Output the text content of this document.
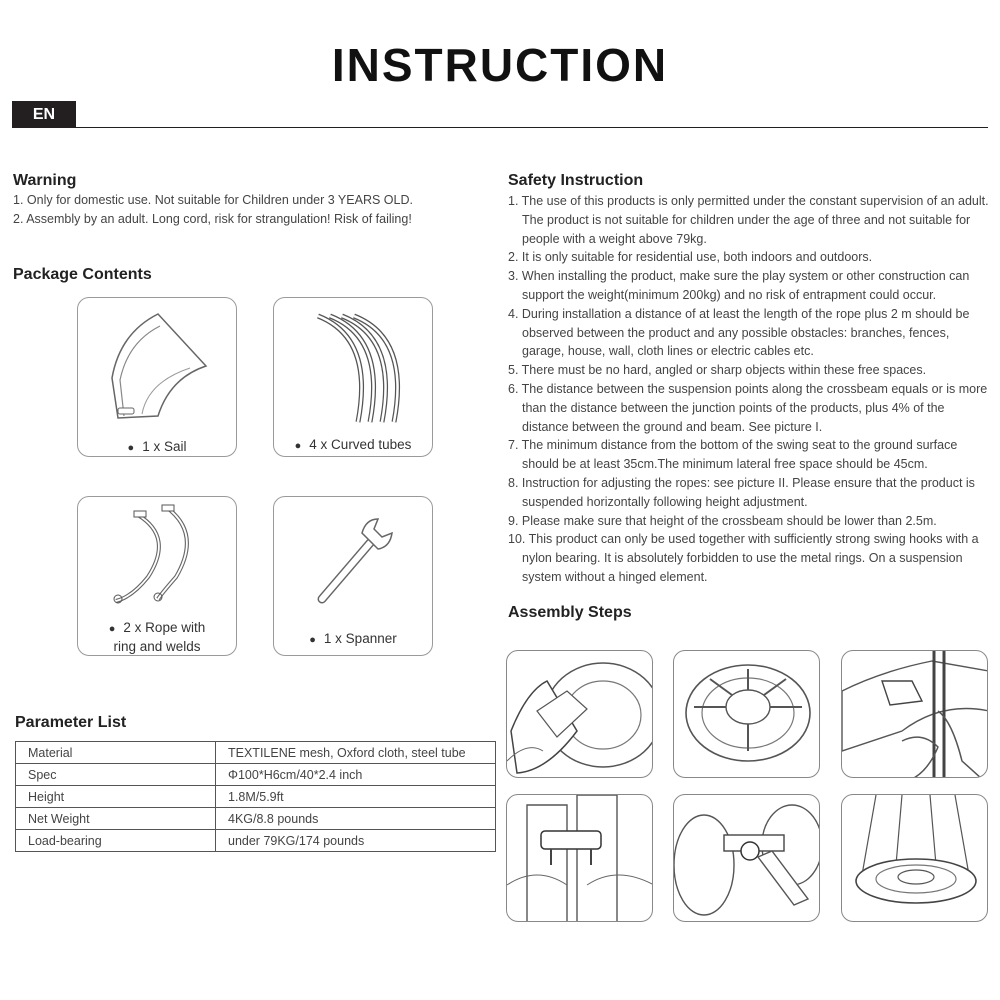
INSTRUCTION
EN
Warning
1. Only for domestic use. Not suitable for Children under 3 YEARS OLD.
2. Assembly by an adult. Long cord, risk for strangulation! Risk of failing!
Package Contents
● 1 x Sail	● 4 x Curved tubes
● 2 x Rope with
ring and welds	● 1 x Spanner
Parameter List
Material	TEXTILENE mesh, Oxford cloth, steel tube
Spec	Φ100*H6cm/40*2.4 inch
Height	1.8M/5.9ft
Net Weight	4KG/8.8 pounds
Load-bearing	under 79KG/174 pounds
Safety Instruction
1. The use of this products is only permitted under the constant supervision of an adult. The product is not suitable for children under the age of three and not suitable for people with a weight above 79kg.
2. It is only suitable for residential use, both indoors and outdoors.
3. When installing the product, make sure the play system or other construction can support the weight(minimum 200kg) and no risk of entrapment could occur.
4. During installation a distance of at least the length of the rope plus 2 m should be observed between the product and any possible obstacles: branches, fences, garage, house, wall, cloth lines or electric cables etc.
5. There must be no hard, angled or sharp objects within these free spaces.
6. The distance between the suspension points along the crossbeam equals or is more than the distance between the junction points of the products, plus 4% of the distance between the ground and beam. See picture I.
7. The minimum distance from the bottom of the swing seat to the ground surface should be at least 35cm.The minimum lateral free space should be 45cm.
8. Instruction for adjusting the ropes: see picture II. Please ensure that the product is suspended horizontally following height adjustment.
9. Please make sure that height of the crossbeam should be lower than 2.5m.
10. This product can only be used together with sufficiently strong swing hooks with a nylon bearing. It is absolutely forbidden to use the metal rings. On a suspension system without a hinged element.
Assembly Steps
